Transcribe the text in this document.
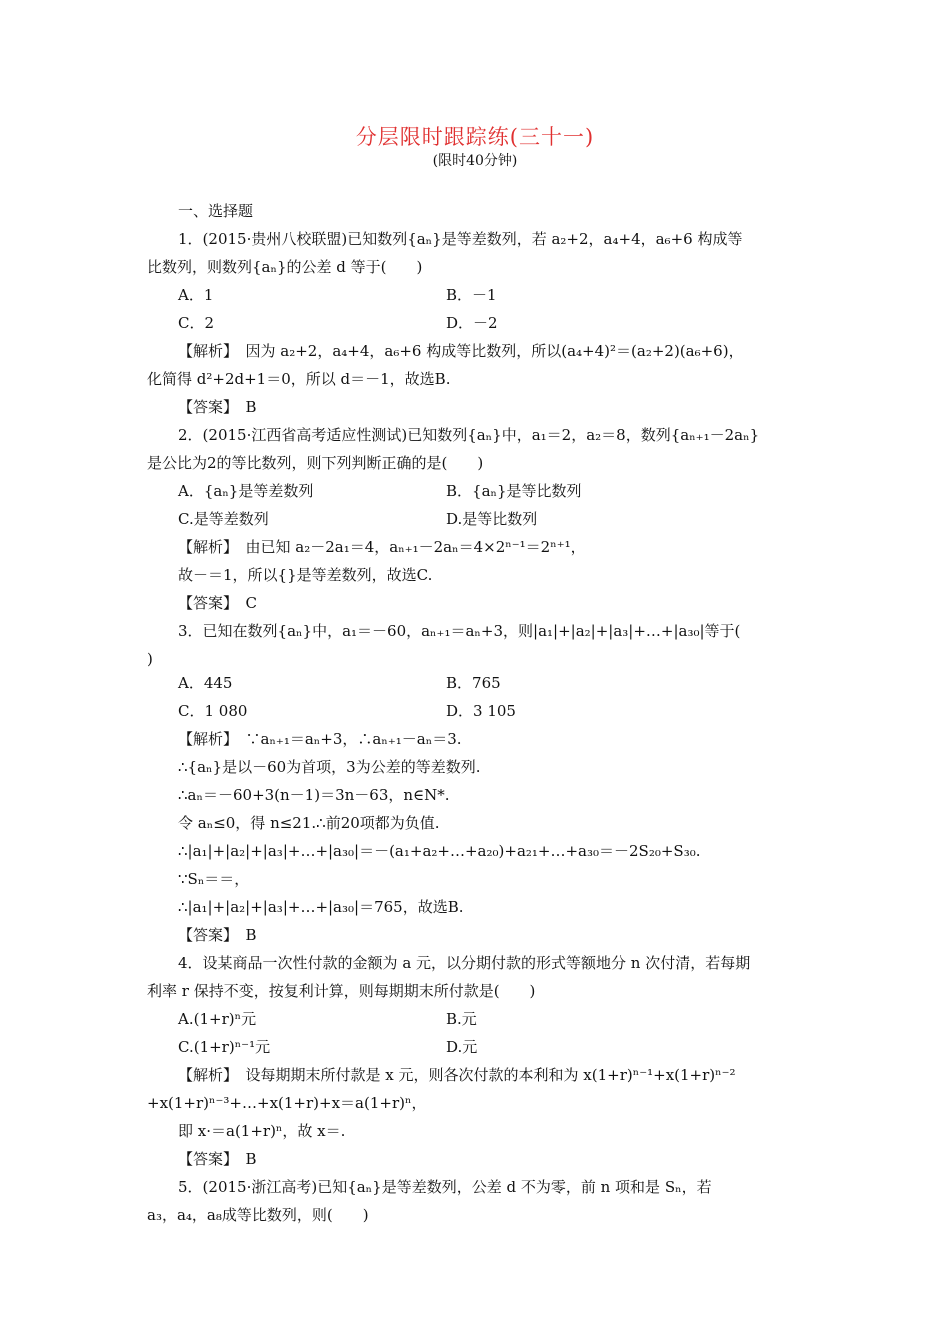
分层限时跟踪练(三十一)
(限时40分钟)
一、选择题
1．(2015·贵州八校联盟)已知数列{aₙ}是等差数列，若 a₂+2，a₄+4，a₆+6 构成等
比数列，则数列{aₙ}的公差 d 等于(　　)
A．1	B．－1
C．2	D．－2
【解析】　因为 a₂+2，a₄+4，a₆+6 构成等比数列，所以(a₄+4)²＝(a₂+2)(a₆+6)，
化简得 d²+2d+1＝0，所以 d＝－1，故选B.
【答案】　B
2．(2015·江西省高考适应性测试)已知数列{aₙ}中，a₁＝2，a₂＝8，数列{aₙ₊₁－2aₙ}
是公比为2的等比数列，则下列判断正确的是(　　)
A．{aₙ}是等差数列	B．{aₙ}是等比数列
C.是等差数列	D.是等比数列
【解析】　由已知 a₂－2a₁＝4，aₙ₊₁－2aₙ＝4×2ⁿ⁻¹＝2ⁿ⁺¹，
故－＝1，所以{}是等差数列，故选C.
【答案】　C
3．已知在数列{aₙ}中，a₁＝－60，aₙ₊₁＝aₙ+3，则|a₁|+|a₂|+|a₃|+…+|a₃₀|等于(
)
A．445	B．765
C．1 080	D．3 105
【解析】　∵aₙ₊₁＝aₙ+3，∴aₙ₊₁－aₙ＝3.
∴{aₙ}是以－60为首项，3为公差的等差数列.
∴aₙ＝－60+3(n－1)＝3n－63，n∈N*.
令 aₙ≤0，得 n≤21.∴前20项都为负值.
∴|a₁|+|a₂|+|a₃|+…+|a₃₀|＝－(a₁+a₂+…+a₂₀)+a₂₁+…+a₃₀＝－2S₂₀+S₃₀.
∵Sₙ＝＝，
∴|a₁|+|a₂|+|a₃|+…+|a₃₀|＝765，故选B.
【答案】　B
4．设某商品一次性付款的金额为 a 元，以分期付款的形式等额地分 n 次付清，若每期
利率 r 保持不变，按复利计算，则每期期末所付款是(　　)
A.(1+r)ⁿ元	B.元
C.(1+r)ⁿ⁻¹元	D.元
【解析】　设每期期末所付款是 x 元，则各次付款的本利和为 x(1+r)ⁿ⁻¹+x(1+r)ⁿ⁻²
+x(1+r)ⁿ⁻³+…+x(1+r)+x＝a(1+r)ⁿ，
即 x·＝a(1+r)ⁿ，故 x＝.
【答案】　B
5．(2015·浙江高考)已知{aₙ}是等差数列，公差 d 不为零，前 n 项和是 Sₙ，若
a₃，a₄，a₈成等比数列，则(　　)
